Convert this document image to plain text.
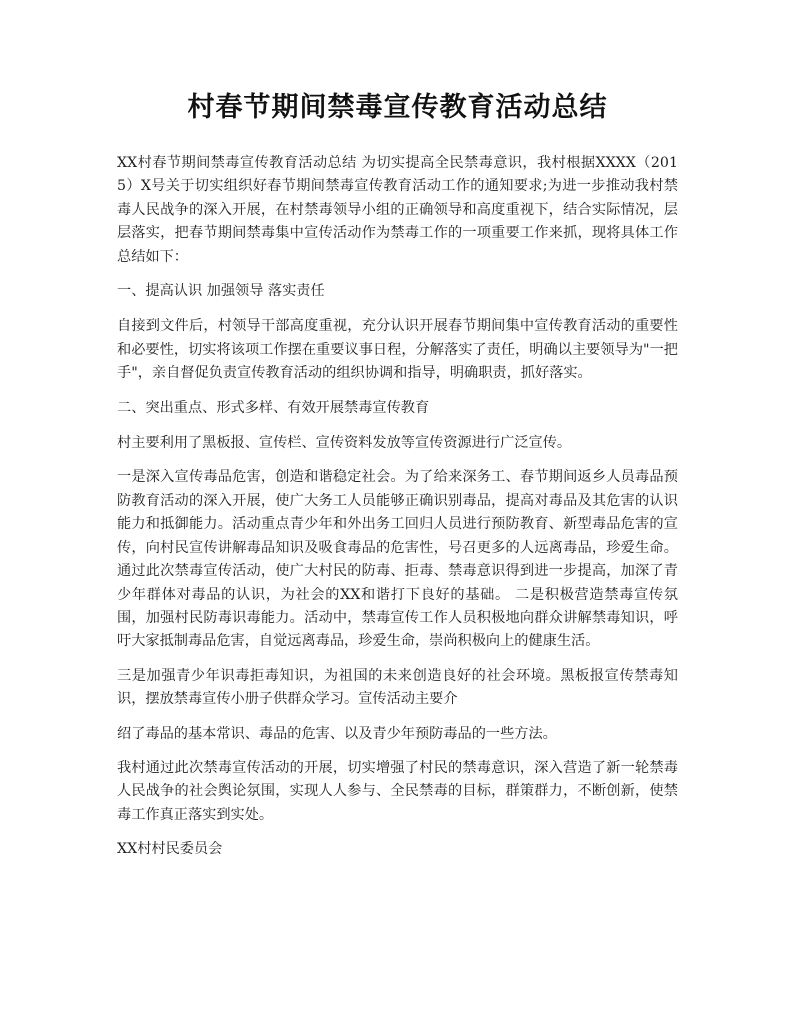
村春节期间禁毒宣传教育活动总结

XX村春节期间禁毒宣传教育活动总结 为切实提高全民禁毒意识，我村根据XXXX（2015）X号关于切实组织好春节期间禁毒宣传教育活动工作的通知要求;为进一步推动我村禁毒人民战争的深入开展，在村禁毒领导小组的正确领导和高度重视下，结合实际情况，层层落实，把春节期间禁毒集中宣传活动作为禁毒工作的一项重要工作来抓，现将具体工作总结如下：

一、提高认识 加强领导 落实责任

自接到文件后，村领导干部高度重视，充分认识开展春节期间集中宣传教育活动的重要性和必要性，切实将该项工作摆在重要议事日程，分解落实了责任，明确以主要领导为"一把手"，亲自督促负责宣传教育活动的组织协调和指导，明确职责，抓好落实。

二、突出重点、形式多样、有效开展禁毒宣传教育

村主要利用了黑板报、宣传栏、宣传资料发放等宣传资源进行广泛宣传。

一是深入宣传毒品危害，创造和谐稳定社会。为了给来深务工、春节期间返乡人员毒品预防教育活动的深入开展，使广大务工人员能够正确识别毒品，提高对毒品及其危害的认识能力和抵御能力。活动重点青少年和外出务工回归人员进行预防教育、新型毒品危害的宣传，向村民宣传讲解毒品知识及吸食毒品的危害性，号召更多的人远离毒品，珍爱生命。通过此次禁毒宣传活动，使广大村民的防毒、拒毒、禁毒意识得到进一步提高，加深了青少年群体对毒品的认识，为社会的XX和谐打下良好的基础。 二是积极营造禁毒宣传氛围，加强村民防毒识毒能力。活动中，禁毒宣传工作人员积极地向群众讲解禁毒知识，呼吁大家抵制毒品危害，自觉远离毒品，珍爱生命，崇尚积极向上的健康生活。

三是加强青少年识毒拒毒知识，为祖国的未来创造良好的社会环境。黑板报宣传禁毒知识，摆放禁毒宣传小册子供群众学习。宣传活动主要介

绍了毒品的基本常识、毒品的危害、以及青少年预防毒品的一些方法。

我村通过此次禁毒宣传活动的开展，切实增强了村民的禁毒意识，深入营造了新一轮禁毒人民战争的社会舆论氛围，实现人人参与、全民禁毒的目标，群策群力，不断创新，使禁毒工作真正落实到实处。

XX村村民委员会
